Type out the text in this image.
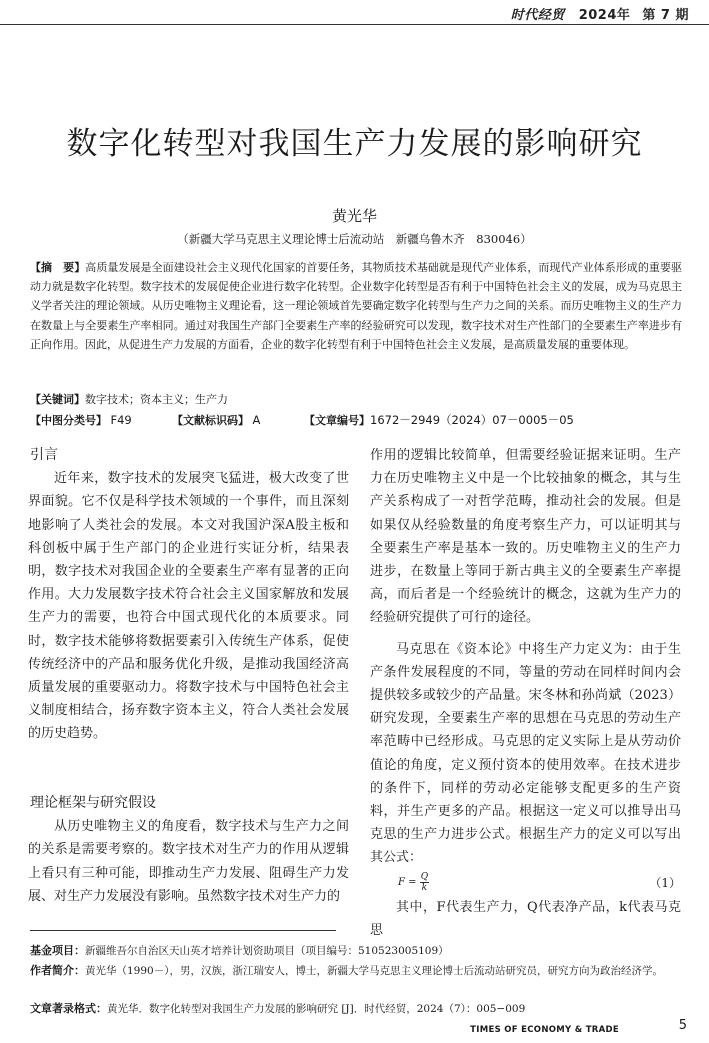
时代经贸 2024年 第 7 期
数字化转型对我国生产力发展的影响研究
黄光华
（新疆大学马克思主义理论博士后流动站　新疆乌鲁木齐　830046）
【摘　要】高质量发展是全面建设社会主义现代化国家的首要任务，其物质技术基础就是现代产业体系，而现代产业体系形成的重要驱动力就是数字化转型。数字技术的发展促使企业进行数字化转型。企业数字化转型是否有利于中国特色社会主义的发展，成为马克思主义学者关注的理论领域。从历史唯物主义理论看，这一理论领域首先要确定数字化转型与生产力之间的关系。而历史唯物主义的生产力在数量上与全要素生产率相同。通过对我国生产部门全要素生产率的经验研究可以发现，数字技术对生产性部门的全要素生产率进步有正向作用。因此，从促进生产力发展的方面看，企业的数字化转型有利于中国特色社会主义发展，是高质量发展的重要体现。
【关键词】数字技术；资本主义；生产力
【中图分类号】 F49	【文献标识码】 A	【文章编号】1672－2949（2024）07－0005－05
引言

近年来，数字技术的发展突飞猛进，极大改变了世界面貌。它不仅是科学技术领域的一个事件，而且深刻地影响了人类社会的发展。本文对我国沪深A股主板和科创板中属于生产部门的企业进行实证分析，结果表明，数字技术对我国企业的全要素生产率有显著的正向作用。大力发展数字技术符合社会主义国家解放和发展生产力的需要，也符合中国式现代化的本质要求。同时，数字技术能够将数据要素引入传统生产体系，促使传统经济中的产品和服务优化升级，是推动我国经济高质量发展的重要驱动力。将数字技术与中国特色社会主义制度相结合，扬弃数字资本主义，符合人类社会发展的历史趋势。

理论框架与研究假设

从历史唯物主义的角度看，数字技术与生产力之间的关系是需要考察的。数字技术对生产力的作用从逻辑上看只有三种可能，即推动生产力发展、阻碍生产力发展、对生产力发展没有影响。虽然数字技术对生产力的

作用的逻辑比较简单，但需要经验证据来证明。生产力在历史唯物主义中是一个比较抽象的概念，其与生产关系构成了一对哲学范畴，推动社会的发展。但是如果仅从经验数量的角度考察生产力，可以证明其与全要素生产率是基本一致的。历史唯物主义的生产力进步，在数量上等同于新古典主义的全要素生产率提高，而后者是一个经验统计的概念，这就为生产力的经验研究提供了可行的途径。

马克思在《资本论》中将生产力定义为：由于生产条件发展程度的不同，等量的劳动在同样时间内会提供较多或较少的产品量。宋冬林和孙尚斌（2023）研究发现，全要素生产率的思想在马克思的劳动生产率范畴中已经形成。马克思的定义实际上是从劳动价值论的角度，定义预付资本的使用效率。在技术进步的条件下，同样的劳动必定能够支配更多的生产资料，并生产更多的产品。根据这一定义可以推导出马克思的生产力进步公式。根据生产力的定义可以写出其公式：

$F = \frac{Q}{k}$	（1）

其中，F代表生产力，Q代表净产品，k代表马克思

基金项目：新疆维吾尔自治区天山英才培养计划资助项目（项目编号：510523005109）
作者简介：黄光华（1990－），男，汉族，浙江瑞安人，博士，新疆大学马克思主义理论博士后流动站研究员，研究方向为政治经济学。
文章著录格式：黄光华．数字化转型对我国生产力发展的影响研究 [J]．时代经贸，2024（7）：005−009
TIMES OF ECONOMY & TRADE	5
